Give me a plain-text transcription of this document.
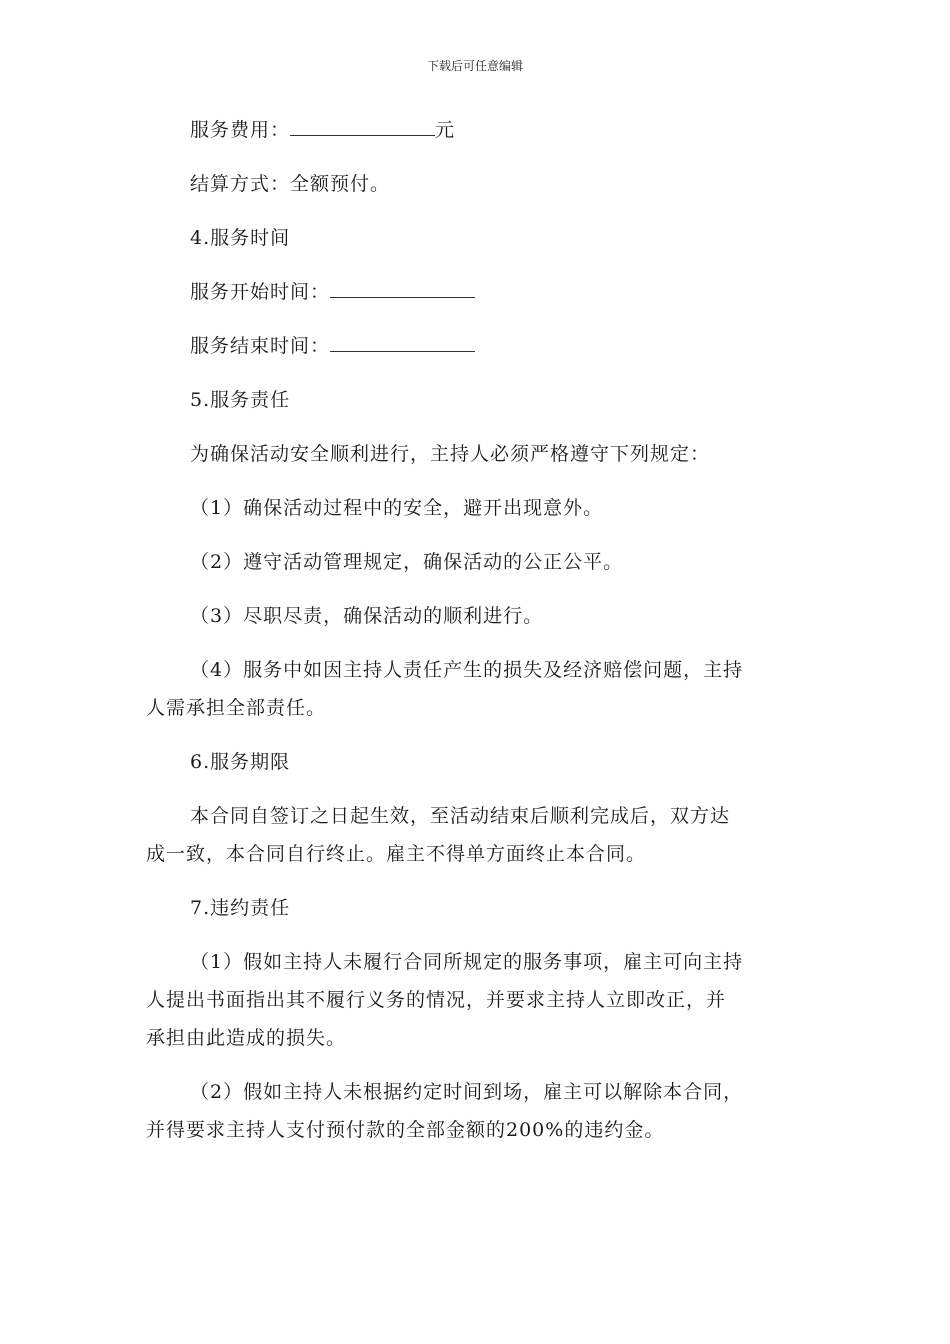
下载后可任意编辑
服务费用：	元
结算方式：全额预付。
4.服务时间
服务开始时间：
服务结束时间：
5.服务责任
为确保活动安全顺利进行，主持人必须严格遵守下列规定：
（1）确保活动过程中的安全，避开出现意外。
（2）遵守活动管理规定，确保活动的公正公平。
（3）尽职尽责，确保活动的顺利进行。
（4）服务中如因主持人责任产生的损失及经济赔偿问题，主持
人需承担全部责任。
6.服务期限
本合同自签订之日起生效，至活动结束后顺利完成后，双方达
成一致，本合同自行终止。雇主不得单方面终止本合同。
7.违约责任
（1）假如主持人未履行合同所规定的服务事项，雇主可向主持
人提出书面指出其不履行义务的情况，并要求主持人立即改正，并
承担由此造成的损失。
（2）假如主持人未根据约定时间到场，雇主可以解除本合同，
并得要求主持人支付预付款的全部金额的200%的违约金。
